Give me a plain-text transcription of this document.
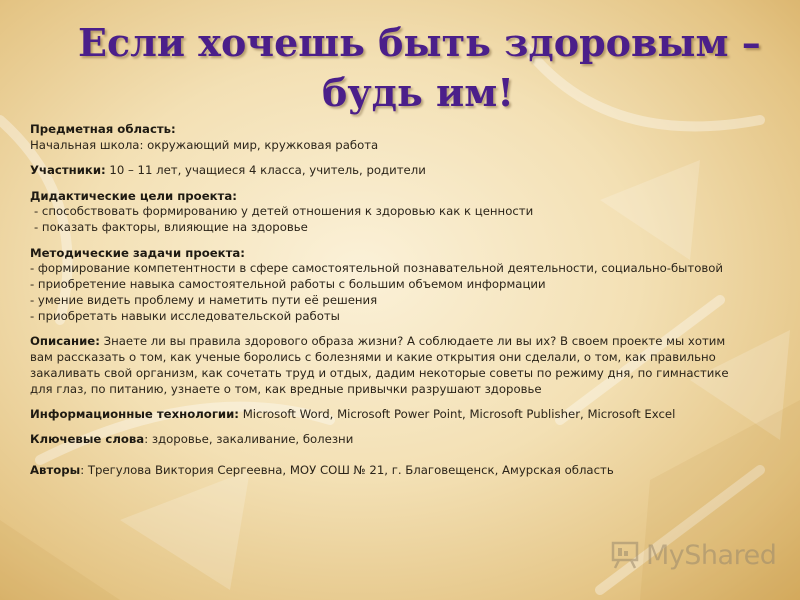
Если хочешь быть здоровым –
будь им!
Предметная область:
Начальная школа: окружающий мир, кружковая работа
Участники: 10 – 11 лет, учащиеся 4 класса, учитель, родители
Дидактические цели проекта:
- способствовать формированию у детей отношения к здоровью как к ценности
- показать факторы, влияющие на здоровье
Методические задачи проекта:
- формирование компетентности в сфере самостоятельной познавательной деятельности, социально-бытовой
- приобретение навыка самостоятельной работы с большим объемом информации
- умение видеть проблему и наметить пути её решения
- приобретать навыки исследовательской работы
Описание: Знаете ли вы правила здорового образа жизни? А соблюдаете ли вы их? В своем проекте мы хотим вам рассказать о том, как ученые боролись с болезнями и какие открытия они сделали, о том, как правильно закаливать свой организм, как сочетать труд и отдых, дадим некоторые советы по режиму дня, по гимнастике для глаз, по питанию, узнаете о том, как вредные привычки разрушают здоровье
Информационные технологии: Microsoft Word, Microsoft Power Point, Microsoft Publisher, Microsoft Excel
Ключевые слова: здоровье, закаливание, болезни
Авторы: Трегулова Виктория Сергеевна, МОУ СОШ № 21, г. Благовещенск, Амурская область
MyShared
